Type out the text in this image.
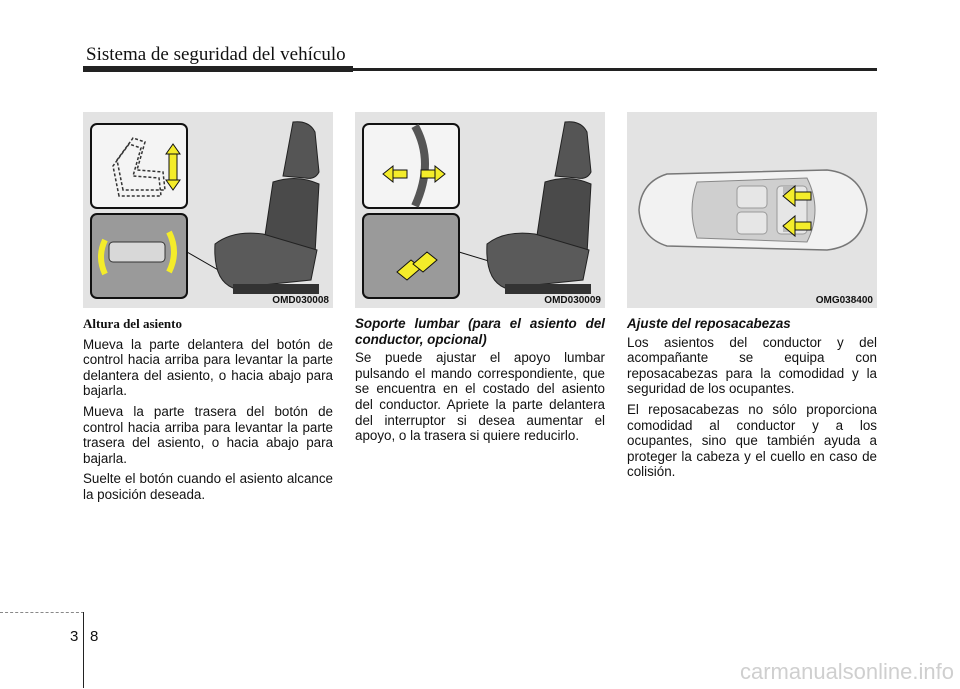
Sistema de seguridad del vehículo
OMD030008	OMD030009	OMG038400

Altura del asiento

Mueva la parte delantera del botón de control hacia arriba para levantar la parte delantera del asiento, o hacia abajo para bajarla.

Mueva la parte trasera del botón de control hacia arriba para levantar la parte trasera del asiento, o hacia abajo para bajarla.

Suelte el botón cuando el asiento alcance la posición deseada.

Soporte lumbar (para el asiento del conductor, opcional)

Se puede ajustar el apoyo lumbar pulsando el mando correspondiente, que se encuentra en el costado del asiento del conductor. Apriete la parte delantera del interruptor si desea aumentar el apoyo, o la trasera si quiere reducirlo.

Ajuste del reposacabezas

Los asientos del conductor y del acompañante se equipa con reposacabezas para la comodidad y la seguridad de los ocupantes.

El reposacabezas no sólo proporciona comodidad al conductor y a los ocupantes, sino que también ayuda a proteger la cabeza y el cuello en caso de colisión.

3 8
carmanualsonline.info
